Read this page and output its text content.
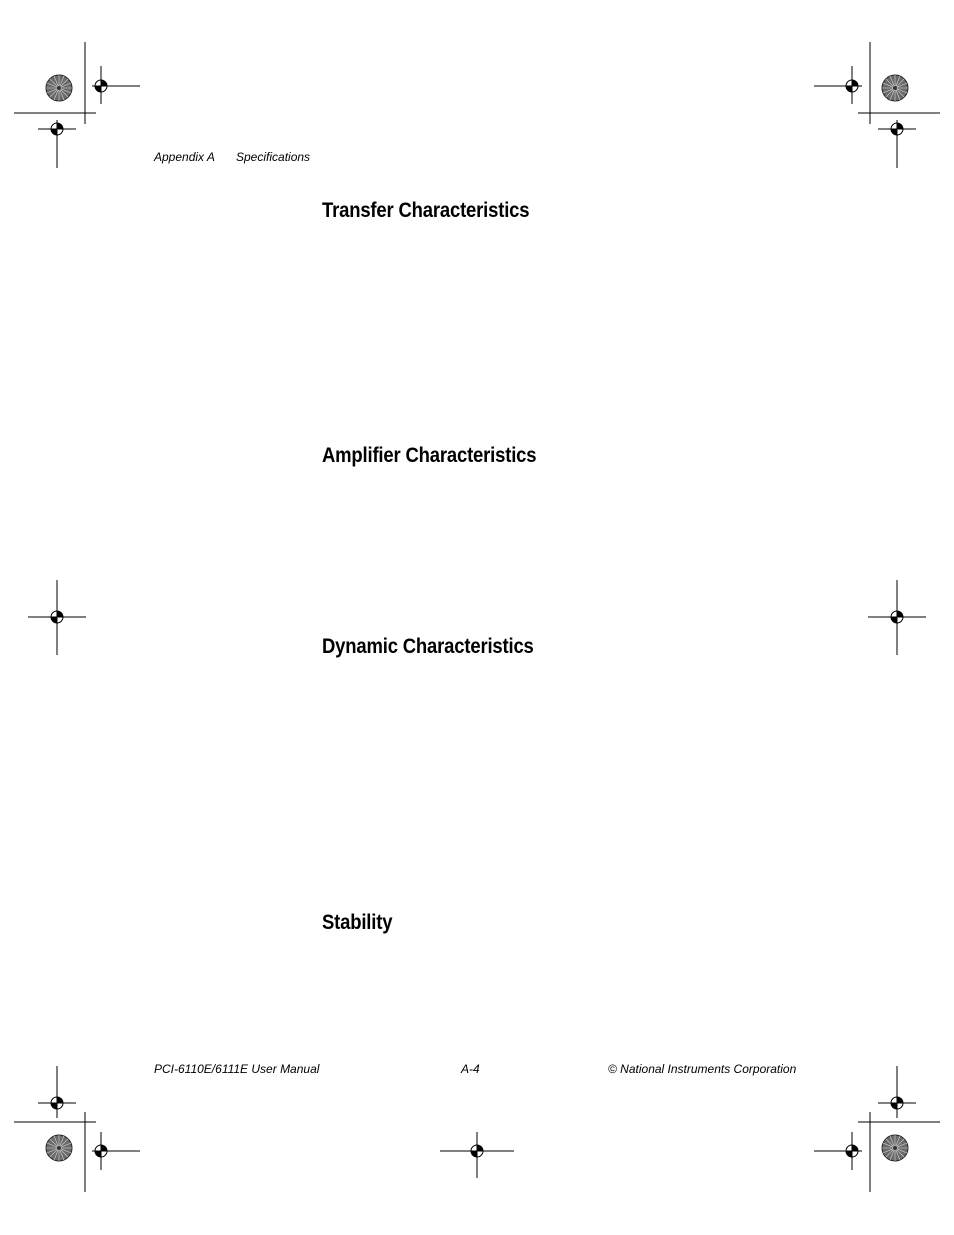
Appendix A Specifications
Transfer Characteristics
Amplifier Characteristics
Dynamic Characteristics
Stability
PCI-6110E/6111E User Manual	A-4	© National Instruments Corporation
